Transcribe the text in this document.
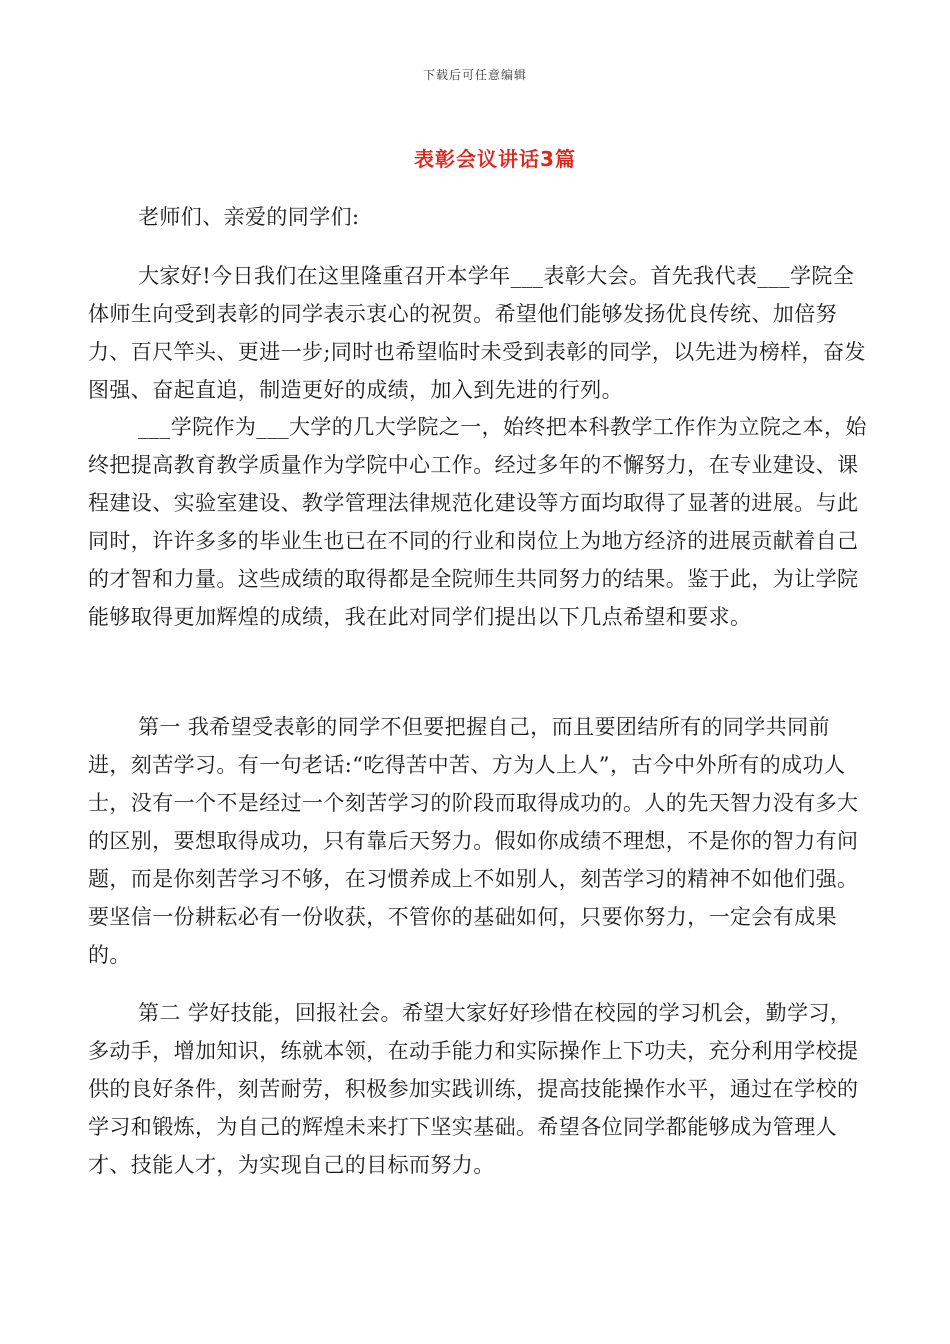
下载后可任意编辑
表彰会议讲话3篇
老师们、亲爱的同学们:
大家好!今日我们在这里隆重召开本学年___表彰大会。首先我代表___学院全体师生向受到表彰的同学表示衷心的祝贺。希望他们能够发扬优良传统、加倍努力、百尺竿头、更进一步;同时也希望临时未受到表彰的同学，以先进为榜样，奋发图强、奋起直追，制造更好的成绩，加入到先进的行列。
___学院作为___大学的几大学院之一，始终把本科教学工作作为立院之本，始终把提高教育教学质量作为学院中心工作。经过多年的不懈努力，在专业建设、课程建设、实验室建设、教学管理法律规范化建设等方面均取得了显著的进展。与此同时，许许多多的毕业生也已在不同的行业和岗位上为地方经济的进展贡献着自己的才智和力量。这些成绩的取得都是全院师生共同努力的结果。鉴于此，为让学院能够取得更加辉煌的成绩，我在此对同学们提出以下几点希望和要求。
第一 我希望受表彰的同学不但要把握自己，而且要团结所有的同学共同前进，刻苦学习。有一句老话:“吃得苦中苦、方为人上人”，古今中外所有的成功人士，没有一个不是经过一个刻苦学习的阶段而取得成功的。人的先天智力没有多大的区别，要想取得成功，只有靠后天努力。假如你成绩不理想，不是你的智力有问题，而是你刻苦学习不够，在习惯养成上不如别人，刻苦学习的精神不如他们强。要坚信一份耕耘必有一份收获，不管你的基础如何，只要你努力，一定会有成果的。
第二 学好技能，回报社会。希望大家好好珍惜在校园的学习机会，勤学习，多动手，增加知识，练就本领，在动手能力和实际操作上下功夫，充分利用学校提供的良好条件，刻苦耐劳，积极参加实践训练，提高技能操作水平，通过在学校的学习和锻炼，为自己的辉煌未来打下坚实基础。希望各位同学都能够成为管理人才、技能人才，为实现自己的目标而努力。
